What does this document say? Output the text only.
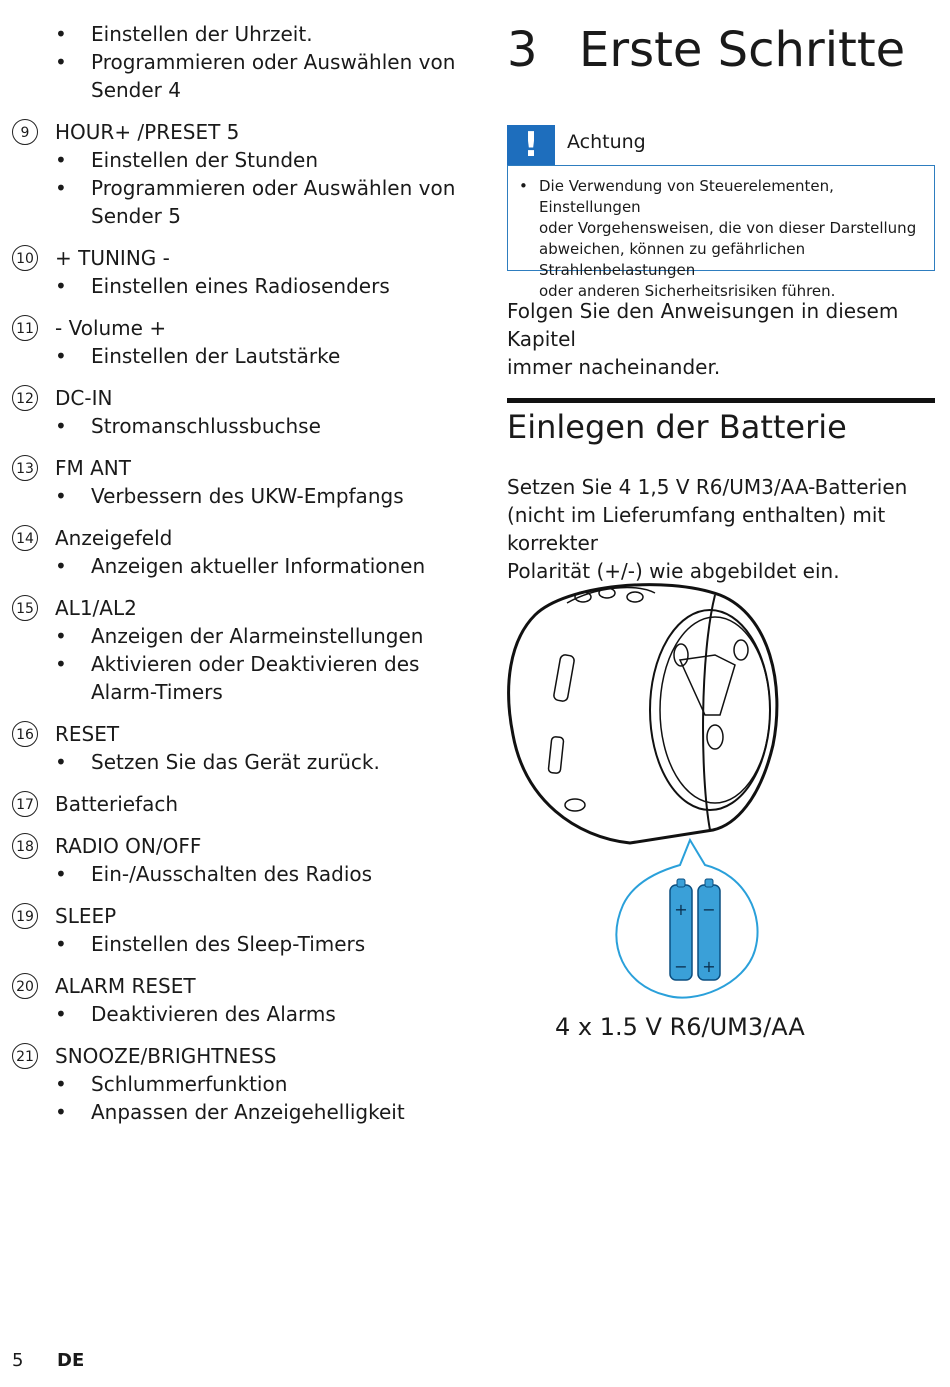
• Einstellen der Uhrzeit.
• Programmieren oder Auswählen von
Sender 4
9	HOUR+ /PRESET 5
• Einstellen der Stunden
• Programmieren oder Auswählen von
Sender 5
10 + TUNING -
• Einstellen eines Radiosenders
11 - Volume +
• Einstellen der Lautstärke
12 DC-IN
• Stromanschlussbuchse
13 FM ANT
• Verbessern des UKW-Empfangs
14 Anzeigefeld
• Anzeigen aktueller Informationen
15 AL1/AL2
• Anzeigen der Alarmeinstellungen
• Aktivieren oder Deaktivieren des
Alarm-Timers
16 RESET
• Setzen Sie das Gerät zurück.
17 Batteriefach
18 RADIO ON/OFF
• Ein-/Ausschalten des Radios
19 SLEEP
• Einstellen des Sleep-Timers
20 ALARM RESET
• Deaktivieren des Alarms
21 SNOOZE/BRIGHTNESS
• Schlummerfunktion
• Anpassen der Anzeigehelligkeit
3 Erste Schritte
!	Achtung
• Die Verwendung von Steuerelementen, Einstellungen
oder Vorgehensweisen, die von dieser Darstellung
abweichen, können zu gefährlichen Strahlenbelastungen
oder anderen Sicherheitsrisiken führen.
Folgen Sie den Anweisungen in diesem Kapitel
immer nacheinander.
Einlegen der Batterie
Setzen Sie 4 1,5 V R6/UM3/AA-Batterien
(nicht im Lieferumfang enthalten) mit korrekter
Polarität (+/-) wie abgebildet ein.
+
−
−
+
4 x 1.5 V R6/UM3/AA
5 DE
